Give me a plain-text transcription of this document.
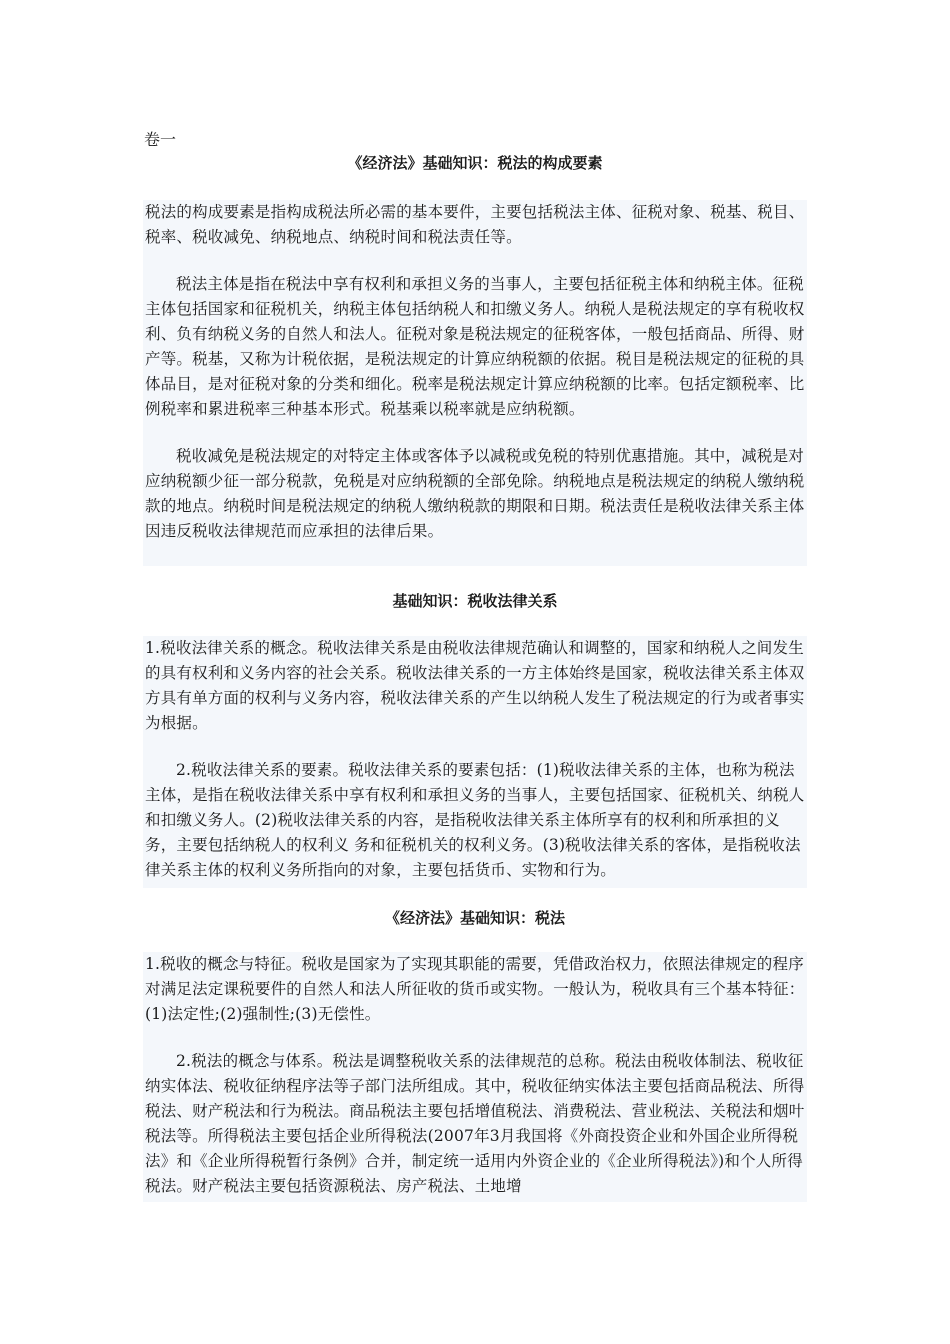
卷一
《经济法》基础知识：税法的构成要素

税法的构成要素是指构成税法所必需的基本要件，主要包括税法主体、征税对象、税基、税目、税率、税收减免、纳税地点、纳税时间和税法责任等。

税法主体是指在税法中享有权利和承担义务的当事人，主要包括征税主体和纳税主体。征税主体包括国家和征税机关，纳税主体包括纳税人和扣缴义务人。纳税人是税法规定的享有税收权利、负有纳税义务的自然人和法人。征税对象是税法规定的征税客体，一般包括商品、所得、财产等。税基，又称为计税依据，是税法规定的计算应纳税额的依据。税目是税法规定的征税的具体品目，是对征税对象的分类和细化。税率是税法规定计算应纳税额的比率。包括定额税率、比例税率和累进税率三种基本形式。税基乘以税率就是应纳税额。

税收减免是税法规定的对特定主体或客体予以减税或免税的特别优惠措施。其中，减税是对应纳税额少征一部分税款，免税是对应纳税额的全部免除。纳税地点是税法规定的纳税人缴纳税款的地点。纳税时间是税法规定的纳税人缴纳税款的期限和日期。税法责任是税收法律关系主体因违反税收法律规范而应承担的法律后果。

基础知识：税收法律关系

1.税收法律关系的概念。税收法律关系是由税收法律规范确认和调整的，国家和纳税人之间发生的具有权利和义务内容的社会关系。税收法律关系的一方主体始终是国家，税收法律关系主体双方具有单方面的权利与义务内容，税收法律关系的产生以纳税人发生了税法规定的行为或者事实为根据。

2.税收法律关系的要素。税收法律关系的要素包括：(1)税收法律关系的主体，也称为税法主体，是指在税收法律关系中享有权利和承担义务的当事人，主要包括国家、征税机关、纳税人和扣缴义务人。(2)税收法律关系的内容，是指税收法律关系主体所享有的权利和所承担的义务，主要包括纳税人的权利义 务和征税机关的权利义务。(3)税收法律关系的客体，是指税收法律关系主体的权利义务所指向的对象，主要包括货币、实物和行为。

《经济法》基础知识：税法

1.税收的概念与特征。税收是国家为了实现其职能的需要，凭借政治权力，依照法律规定的程序对满足法定课税要件的自然人和法人所征收的货币或实物。一般认为，税收具有三个基本特征：(1)法定性;(2)强制性;(3)无偿性。

2.税法的概念与体系。税法是调整税收关系的法律规范的总称。税法由税收体制法、税收征纳实体法、税收征纳程序法等子部门法所组成。其中，税收征纳实体法主要包括商品税法、所得税法、财产税法和行为税法。商品税法主要包括增值税法、消费税法、营业税法、关税法和烟叶税法等。所得税法主要包括企业所得税法(2007年3月我国将《外商投资企业和外国企业所得税法》和《企业所得税暂行条例》合并，制定统一适用内外资企业的《企业所得税法》)和个人所得税法。财产税法主要包括资源税法、房产税法、土地增
